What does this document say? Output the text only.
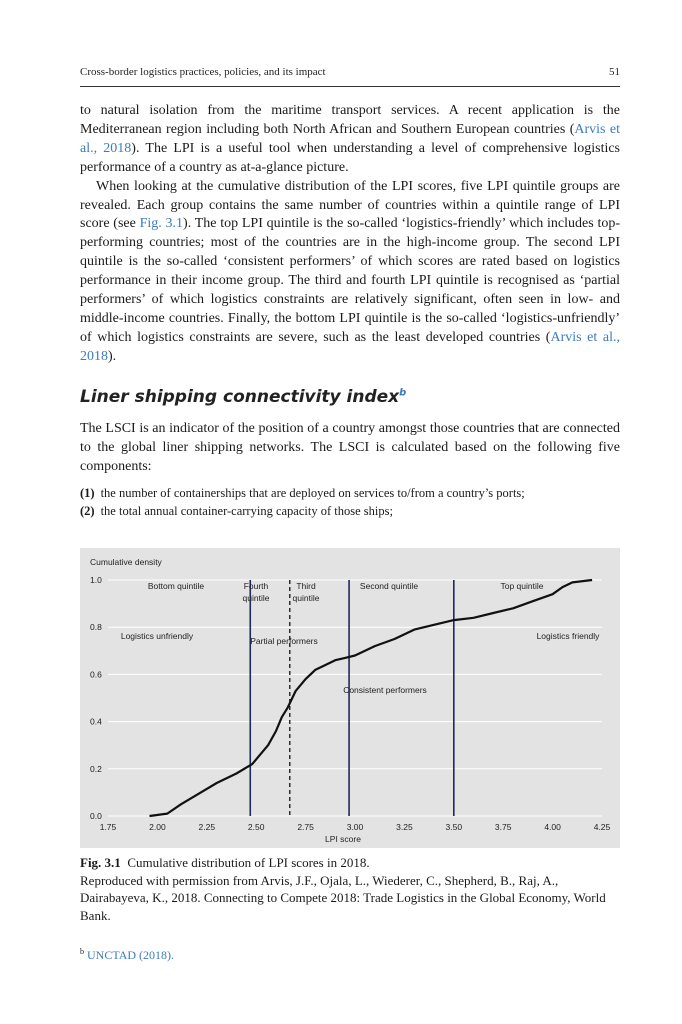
Cross-border logistics practices, policies, and its impact	51

to natural isolation from the maritime transport services. A recent application is the Mediterranean region including both North African and Southern European countries (Arvis et al., 2018). The LPI is a useful tool when understanding a level of comprehensive logistics performance of a country as at-a-glance picture.

When looking at the cumulative distribution of the LPI scores, five LPI quintile groups are revealed. Each group contains the same number of countries within a quintile range of LPI score (see Fig. 3.1). The top LPI quintile is the so-called ‘logistics-friendly’ which includes top-performing countries; most of the countries are in the high-income group. The second LPI quintile is the so-called ‘consistent performers’ of which scores are rated based on logistics performance in their income group. The third and fourth LPI quintile is recognised as ‘partial performers’ of which logistics constraints are relatively significant, often seen in low- and middle-income countries. Finally, the bottom LPI quintile is the so-called ‘logistics-unfriendly’ of which logistics constraints are severe, such as the least developed countries (Arvis et al., 2018).

Liner shipping connectivity index$^b$

The LSCI is an indicator of the position of a country amongst those countries that are connected to the global liner shipping networks. The LSCI is calculated based on the following five components:

(1) the number of containerships that are deployed on services to/from a country’s ports;
(2) the total annual container-carrying capacity of those ships;
Cumulative density
0.0
0.2
0.4
0.6
0.8
1.0
1.75	2.00	2.25	2.50	2.75	3.00	3.25	3.50	3.75	4.00	4.25
LPI score
Bottom quintile	Fourth
quintile
Third
quintile
Second quintile	Top quintile
Logistics unfriendly	Partial performers	Logistics friendly
Consistent performers
Fig. 3.1 Cumulative distribution of LPI scores in 2018.
Reproduced with permission from Arvis, J.F., Ojala, L., Wiederer, C., Shepherd, B., Raj, A., Dairabayeva, K., 2018. Connecting to Compete 2018: Trade Logistics in the Global Economy, World Bank.
$^b$ UNCTAD (2018).
